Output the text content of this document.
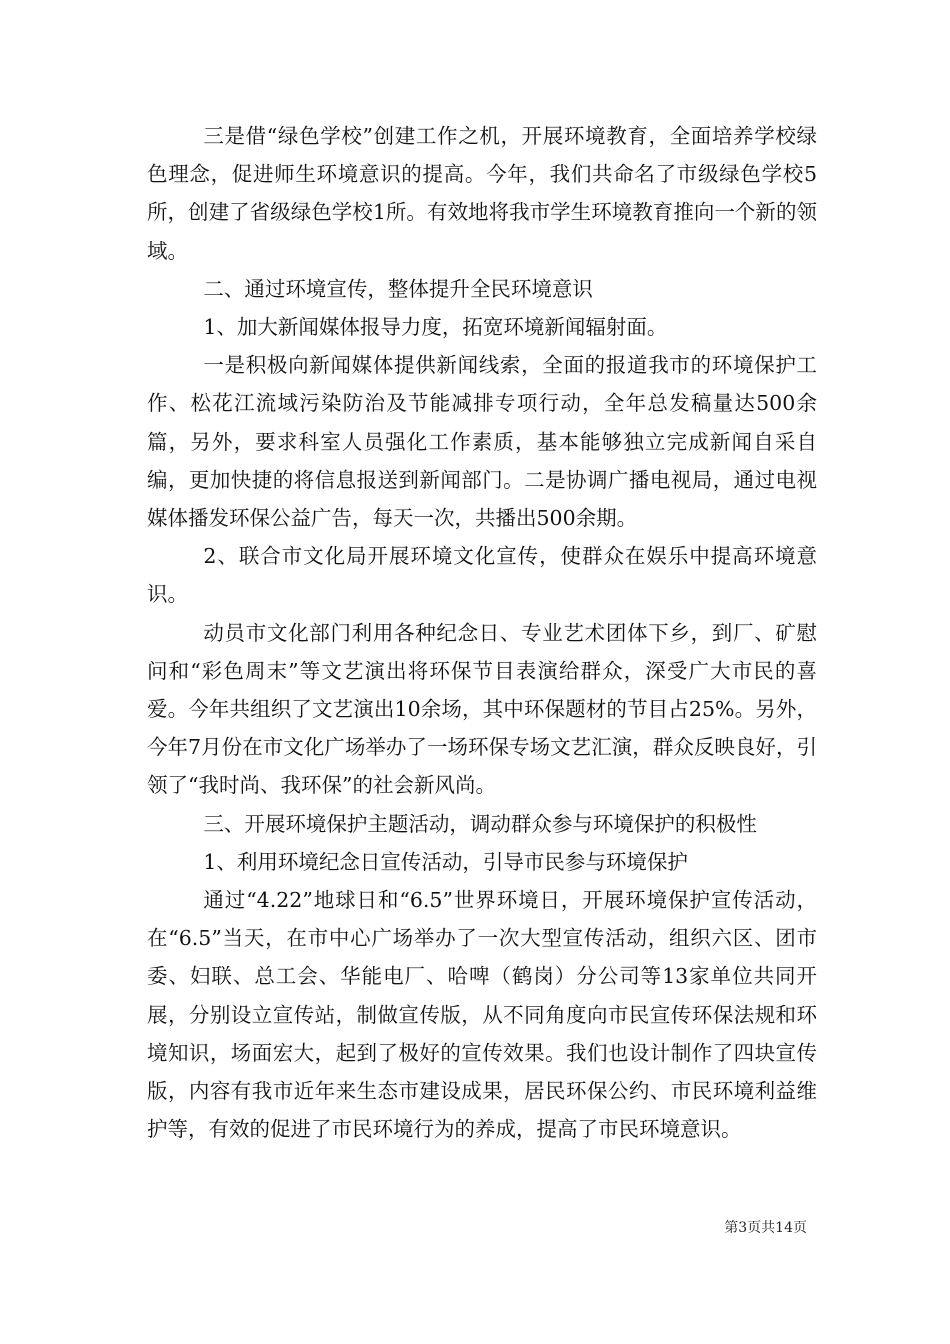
三是借“绿色学校”创建工作之机，开展环境教育，全面培养学校绿色理念，促进师生环境意识的提高。今年，我们共命名了市级绿色学校5所，创建了省级绿色学校1所。有效地将我市学生环境教育推向一个新的领域。

二、通过环境宣传，整体提升全民环境意识

1、加大新闻媒体报导力度，拓宽环境新闻辐射面。

一是积极向新闻媒体提供新闻线索，全面的报道我市的环境保护工作、松花江流域污染防治及节能减排专项行动，全年总发稿量达500余篇，另外，要求科室人员强化工作素质，基本能够独立完成新闻自采自编，更加快捷的将信息报送到新闻部门。二是协调广播电视局，通过电视媒体播发环保公益广告，每天一次，共播出500余期。

2、联合市文化局开展环境文化宣传，使群众在娱乐中提高环境意识。

动员市文化部门利用各种纪念日、专业艺术团体下乡，到厂、矿慰问和“彩色周末”等文艺演出将环保节目表演给群众，深受广大市民的喜爱。今年共组织了文艺演出10余场，其中环保题材的节目占25%。另外，今年7月份在市文化广场举办了一场环保专场文艺汇演，群众反映良好，引领了“我时尚、我环保”的社会新风尚。

三、开展环境保护主题活动，调动群众参与环境保护的积极性

1、利用环境纪念日宣传活动，引导市民参与环境保护

通过“4.22”地球日和“6.5”世界环境日，开展环境保护宣传活动，在“6.5”当天，在市中心广场举办了一次大型宣传活动，组织六区、团市委、妇联、总工会、华能电厂、哈啤（鹤岗）分公司等13家单位共同开展，分别设立宣传站，制做宣传版，从不同角度向市民宣传环保法规和环境知识，场面宏大，起到了极好的宣传效果。我们也设计制作了四块宣传版，内容有我市近年来生态市建设成果，居民环保公约、市民环境利益维护等，有效的促进了市民环境行为的养成，提高了市民环境意识。

第3页共14页
